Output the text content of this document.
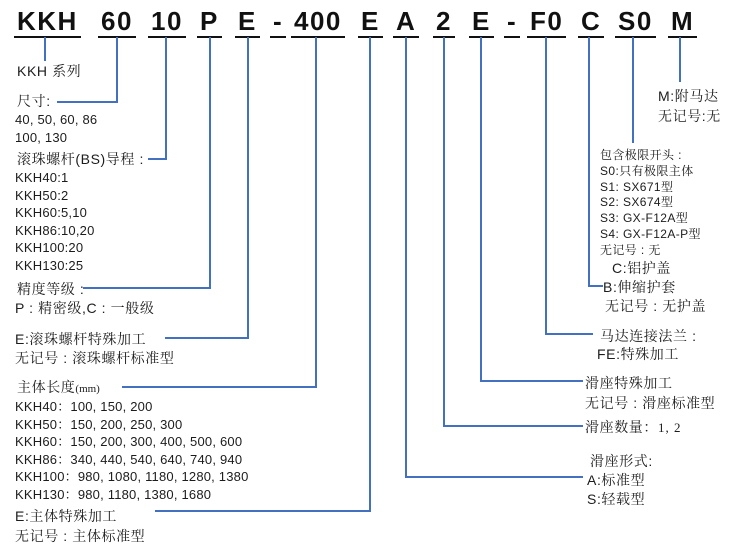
KKH 60 10 P E - 400 E A 2 E - F0 C S0 M
KKH 系列
尺寸:
40, 50, 60, 86
100, 130
滚珠螺杆(BS)导程 :
KKH40:1
KKH50:2
KKH60:5,10
KKH86:10,20
KKH100:20
KKH130:25
精度等级 :
P : 精密级,C : 一般级
E:滚珠螺杆特殊加工
无记号 : 滚珠螺杆标准型
主体长度(mm)
KKH40：100, 150, 200
KKH50：150, 200, 250, 300
KKH60：150, 200, 300, 400, 500, 600
KKH86：340, 440, 540, 640, 740, 940
KKH100：980, 1080, 1180, 1280, 1380
KKH130：980, 1180, 1380, 1680
E:主体特殊加工
无记号 : 主体标准型
M:附马达
无记号:无
包含极限开头 :
S0:只有极限主体
S1: SX671型
S2: SX674型
S3: GX-F12A型
S4: GX-F12A-P型
无记号 : 无
C:铝护盖
B:伸缩护套
无记号 : 无护盖
马达连接法兰 :
FE:特殊加工
滑座特殊加工
无记号 : 滑座标准型
滑座数量：1, 2
滑座形式:
A:标准型
S:轻载型
